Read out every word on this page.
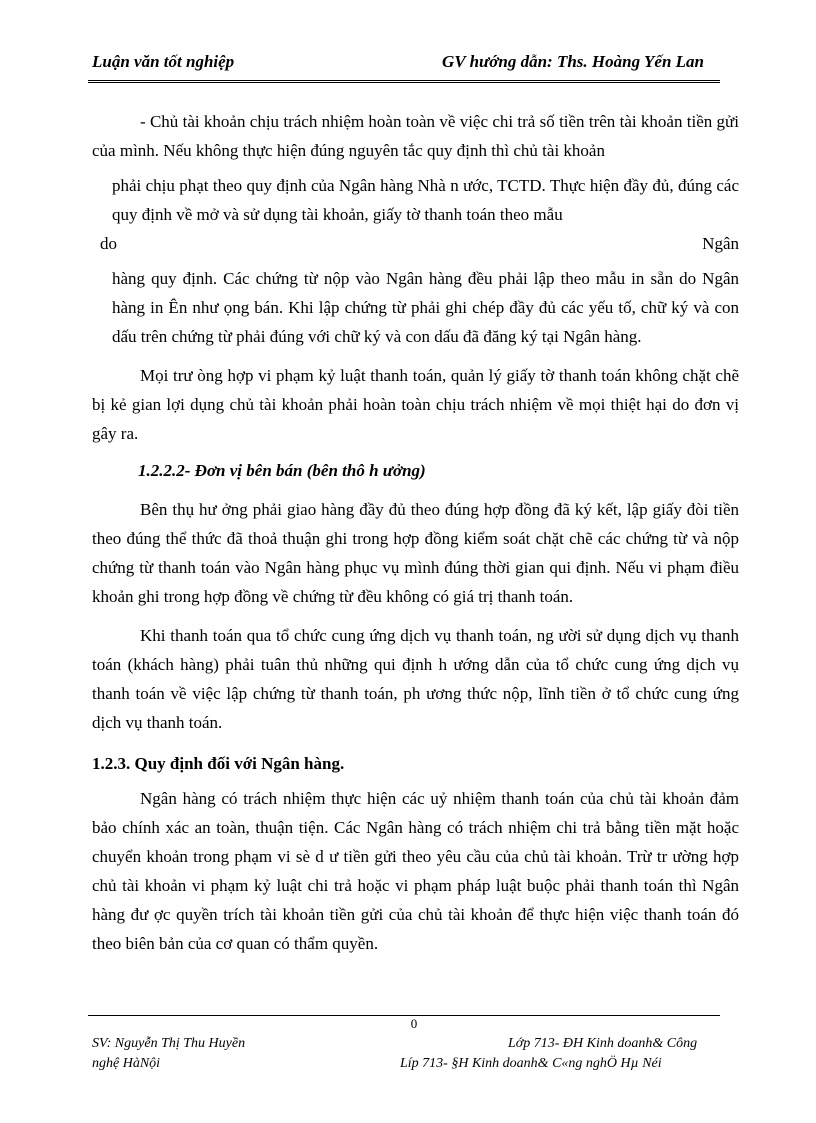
Luận văn tốt nghiệp	GV hướng dẫn: Ths. Hoàng Yến Lan

- Chủ tài khoản chịu trách nhiệm hoàn toàn về việc chi trả số tiền trên tài khoản tiền gửi của mình. Nếu không thực hiện đúng nguyên tắc quy định thì chủ tài khoản

phải chịu phạt theo quy định của Ngân hàng Nhà n ước, TCTD. Thực hiện đầy đủ, đúng các quy định về mở và sử dụng tài khoản, giấy tờ thanh toán theo mẫu

do	Ngân

hàng quy định. Các chứng từ nộp vào Ngân hàng đều phải lập theo mẫu in sẵn do Ngân hàng in Ên như ọng bán. Khi lập chứng từ phải ghi chép đầy đủ các yếu tố, chữ ký và con dấu trên chứng từ phải đúng với chữ ký và con dấu đã đăng ký tại Ngân hàng.

Mọi trư òng hợp vi phạm kỷ luật thanh toán, quản lý giấy tờ thanh toán không chặt chẽ bị kẻ gian lợi dụng chủ tài khoản phải hoàn toàn chịu trách nhiệm về mọi thiệt hại do đơn vị gây ra.

1.2.2.2- Đơn vị bên bán (bên thô h ưởng)

Bên thụ hư ởng phải giao hàng đầy đủ theo đúng hợp đồng đã ký kết, lập giấy đòi tiền theo đúng thể thức đã thoả thuận ghi trong hợp đồng kiểm soát chặt chẽ các chứng từ và nộp chứng từ thanh toán vào Ngân hàng phục vụ mình đúng thời gian qui định. Nếu vi phạm điều khoản ghi trong hợp đồng về chứng từ đều không có giá trị thanh toán.

Khi thanh toán qua tổ chức cung ứng dịch vụ thanh toán, ng ười sử dụng dịch vụ thanh toán (khách hàng) phải tuân thủ những qui định h ướng dẫn của tổ chức cung ứng dịch vụ thanh toán về việc lập chứng từ thanh toán, ph ương thức nộp, lĩnh tiền ở tổ chức cung ứng dịch vụ thanh toán.

1.2.3. Quy định đối với Ngân hàng.

Ngân hàng có trách nhiệm thực hiện các uỷ nhiệm thanh toán của chủ tài khoản đảm bảo chính xác an toàn, thuận tiện. Các Ngân hàng có trách nhiệm chi trả bằng tiền mặt hoặc chuyển khoản trong phạm vi sè d ư tiền gửi theo yêu cầu của chủ tài khoản. Trừ tr ường hợp chủ tài khoản vi phạm kỷ luật chi trả hoặc vi phạm pháp luật buộc phải thanh toán thì Ngân hàng đư ợc quyền trích tài khoản tiền gửi của chủ tài khoản để thực hiện việc thanh toán đó theo biên bản của cơ quan có thẩm quyền.

0
SV: Nguyễn Thị Thu Huyền	Lớp 713- ĐH Kinh doanh& Công
nghệ HàNội	Líp 713- §H Kinh doanh& C«ng nghÖ Hµ Néi
